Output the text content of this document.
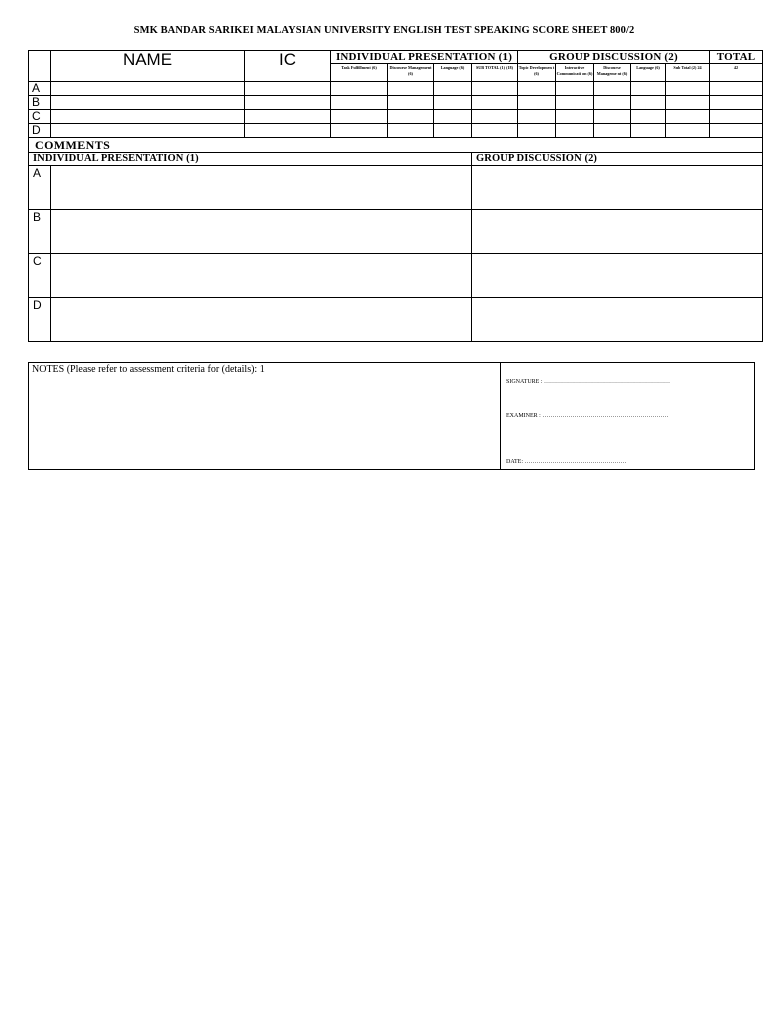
SMK BANDAR SARIKEI MALAYSIAN UNIVERSITY ENGLISH TEST SPEAKING SCORE SHEET 800/2
	NAME	IC	INDIVIDUAL PRESENTATION (1)				GROUP DISCUSSION (2)					TOTAL
			Task Fulfillment (6)	Discourse Management (6)	Language (6)	SUB TOTAL (1) (18)	Topic Developmen t (6)	Interactive Communicati on (6)	Discourse Manageme nt (6)	Language (6)	Sub Total (2) 24	42
A												
B												
C												
D												
COMMENTS												
INDIVIDUAL PRESENTATION (1)						GROUP DISCUSSION (2)						
A												
B												
C												
D												
NOTES (Please refer to assessment criteria for (details): 1	
SIGNATURE : ………………………………………………………
EXAMINER : ………………………………………………………
DATE: ……………………………………………
